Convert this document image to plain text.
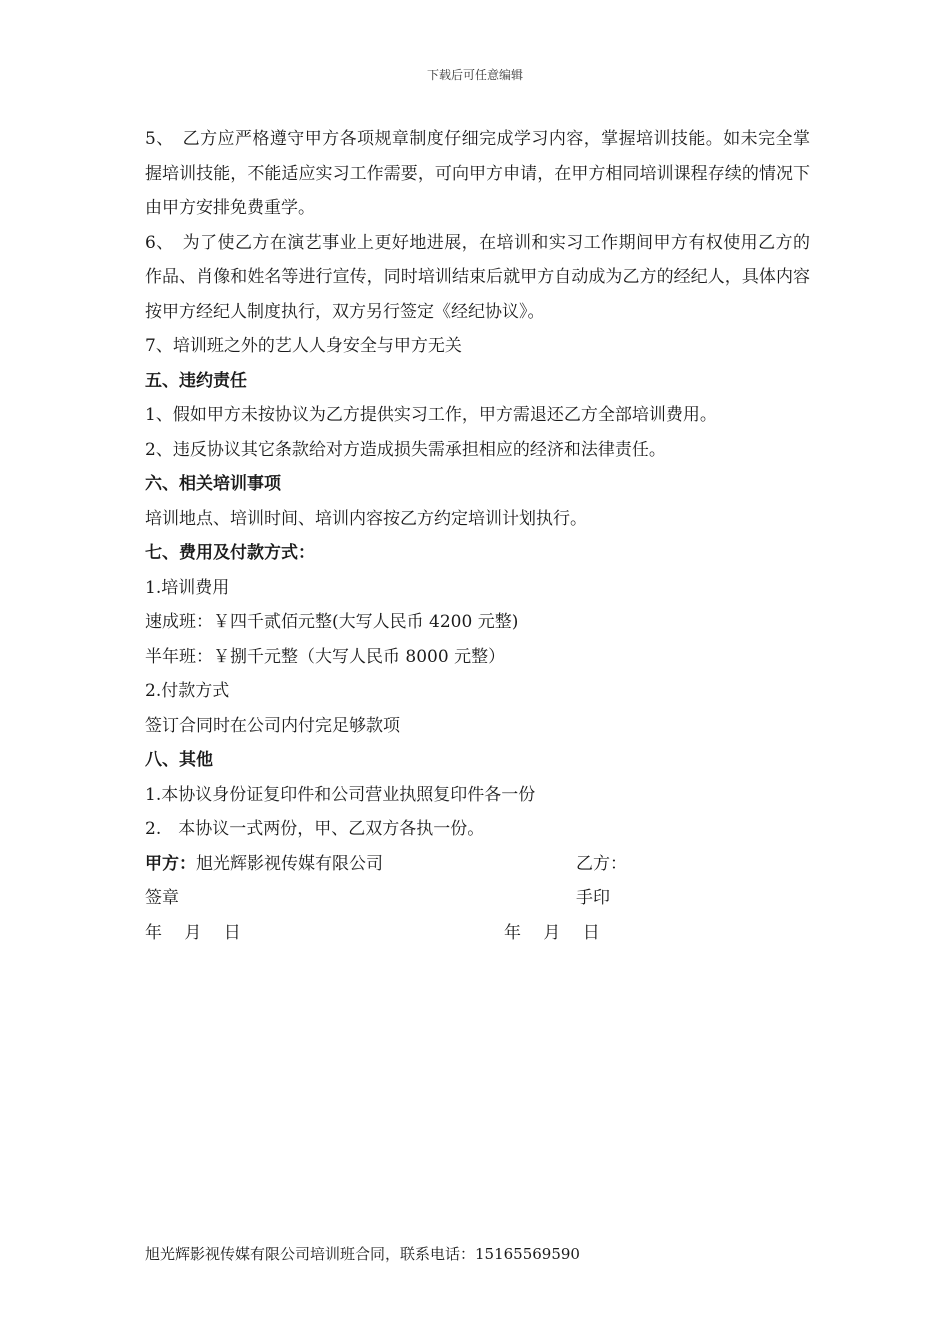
下载后可任意编辑

5、　乙方应严格遵守甲方各项规章制度仔细完成学习内容，掌握培训技能。如未完全掌握培训技能，不能适应实习工作需要，可向甲方申请，在甲方相同培训课程存续的情况下由甲方安排免费重学。

6、　为了使乙方在演艺事业上更好地进展，在培训和实习工作期间甲方有权使用乙方的作品、肖像和姓名等进行宣传，同时培训结束后就甲方自动成为乙方的经纪人，具体内容按甲方经纪人制度执行，双方另行签定《经纪协议》。

7、培训班之外的艺人人身安全与甲方无关

五、违约责任

1、假如甲方未按协议为乙方提供实习工作，甲方需退还乙方全部培训费用。

2、违反协议其它条款给对方造成损失需承担相应的经济和法律责任。

六、相关培训事项

培训地点、培训时间、培训内容按乙方约定培训计划执行。

七、费用及付款方式：

1.培训费用

速成班：￥四千贰佰元整(大写人民币 4200 元整)

半年班：￥捌千元整（大写人民币 8000 元整）

2.付款方式

签订合同时在公司内付完足够款项

八、其他

1.本协议身份证复印件和公司营业执照复印件各一份

2.　本协议一式两份，甲、乙双方各执一份。

甲方：旭光辉影视传媒有限公司	乙方：
签章	手印
年　 月　 日	年　 月　 日
旭光辉影视传媒有限公司培训班合同，联系电话：15165569590
